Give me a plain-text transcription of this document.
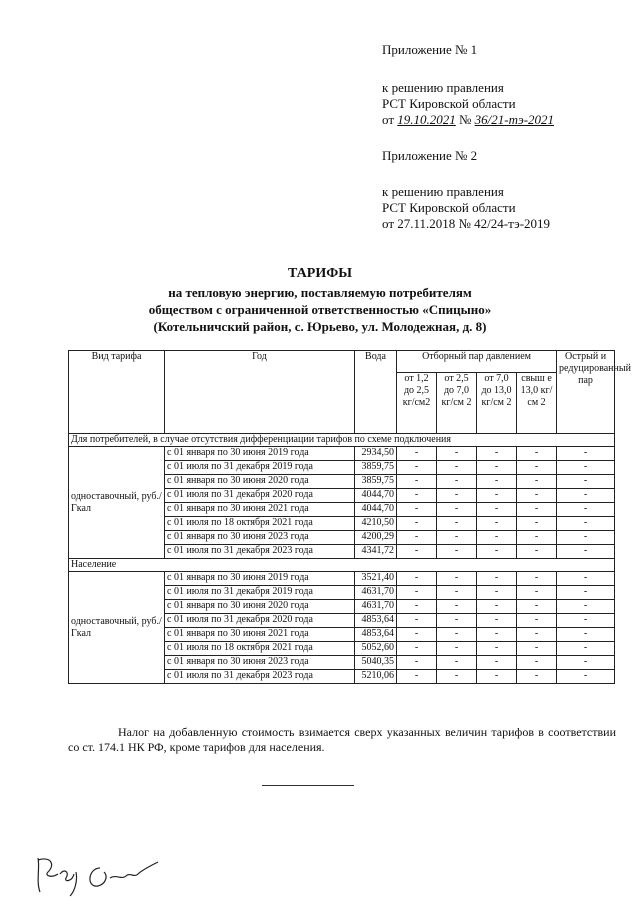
Приложение № 1
к решению правления
РСТ Кировской области
от 19.10.2021 № 36/21-тэ-2021
Приложение № 2
к решению правления
РСТ Кировской области
от 27.11.2018 № 42/24-тэ-2019
ТАРИФЫ
на тепловую энергию, поставляемую потребителям
обществом с ограниченной ответственностью «Спицыно»
(Котельничский район, с. Юрьево, ул. Молодежная, д. 8)
Вид тарифа	Год	Вода	Отборный пар давлением				Острый и редуцированный пар
			от 1,2 до 2,5 кг/см2	от 2,5 до 7,0 кг/см 2	от 7,0 до 13,0 кг/см 2	свыш е 13,0 кг/см 2	
Для потребителей, в случае отсутствия дифференциации тарифов по схеме подключения							
одноставочный, руб./Гкал	с 01 января по 30 июня 2019 года	2934,50	-	-	-	-	-
	с 01 июля по 31 декабря 2019 года	3859,75	-	-	-	-	-
	с 01 января по 30 июня 2020 года	3859,75	-	-	-	-	-
	с 01 июля по 31 декабря 2020 года	4044,70	-	-	-	-	-
	с 01 января по 30 июня 2021 года	4044,70	-	-	-	-	-
	с 01 июля по 18 октября 2021 года	4210,50	-	-	-	-	-
	с 01 января по 30 июня 2023 года	4200,29	-	-	-	-	-
	с 01 июля по 31 декабря 2023 года	4341,72	-	-	-	-	-
Население							
одноставочный, руб./Гкал	с 01 января по 30 июня 2019 года	3521,40	-	-	-	-	-
	с 01 июля по 31 декабря 2019 года	4631,70	-	-	-	-	-
	с 01 января по 30 июня 2020 года	4631,70	-	-	-	-	-
	с 01 июля по 31 декабря 2020 года	4853,64	-	-	-	-	-
	с 01 января по 30 июня 2021 года	4853,64	-	-	-	-	-
	с 01 июля по 18 октября 2021 года	5052,60	-	-	-	-	-
	с 01 января по 30 июня 2023 года	5040,35	-	-	-	-	-
	с 01 июля по 31 декабря 2023 года	5210,06	-	-	-	-	-
Налог на добавленную стоимость взимается сверх указанных величин тарифов в соответствии со ст. 174.1 НК РФ, кроме тарифов для населения.
